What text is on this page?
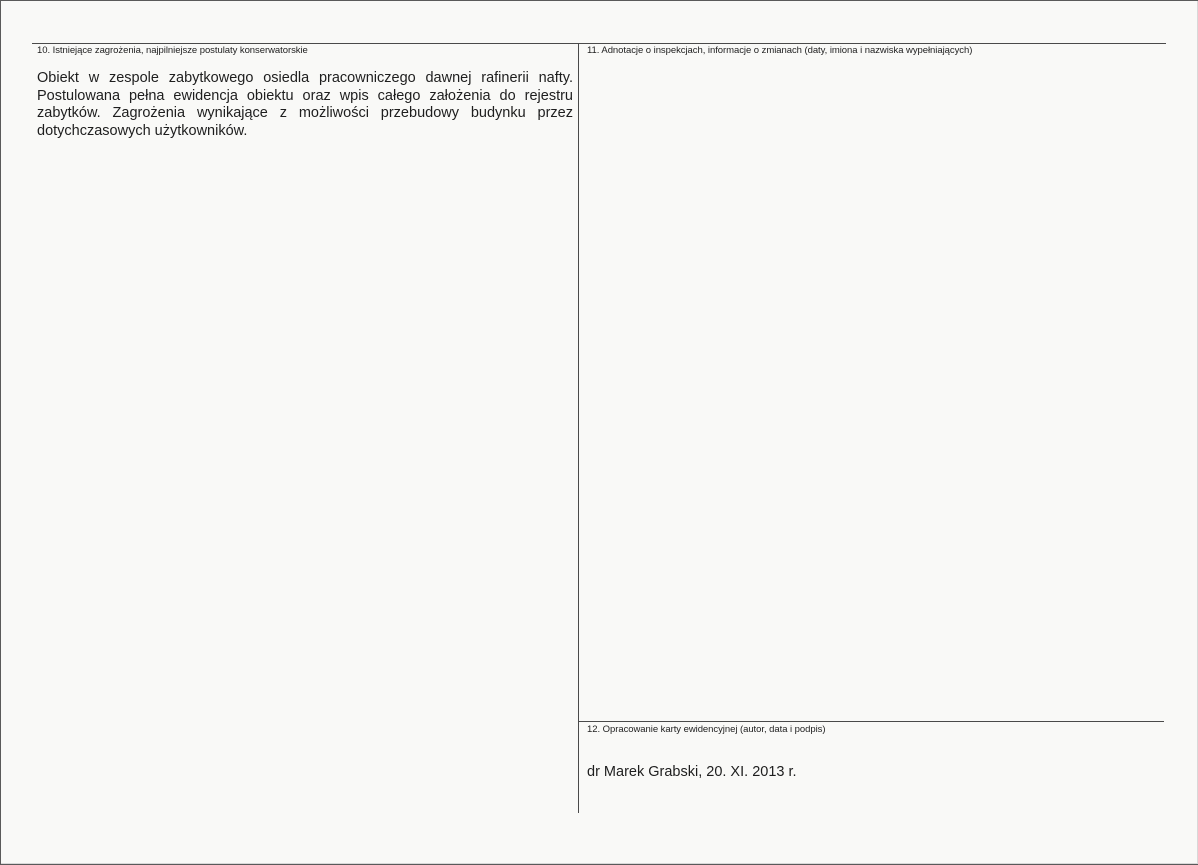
10. Istniejące zagrożenia, najpilniejsze postulaty konserwatorskie
Obiekt w zespole zabytkowego osiedla pracowniczego dawnej rafinerii nafty. Postulowana pełna ewidencja obiektu oraz wpis całego założenia do rejestru zabytków. Zagrożenia wynikające z możliwości przebudowy budynku przez dotychczasowych użytkowników.
11. Adnotacje o inspekcjach, informacje o zmianach (daty, imiona i nazwiska wypełniających)
12. Opracowanie karty ewidencyjnej (autor, data i podpis)
dr Marek Grabski, 20. XI. 2013 r.
